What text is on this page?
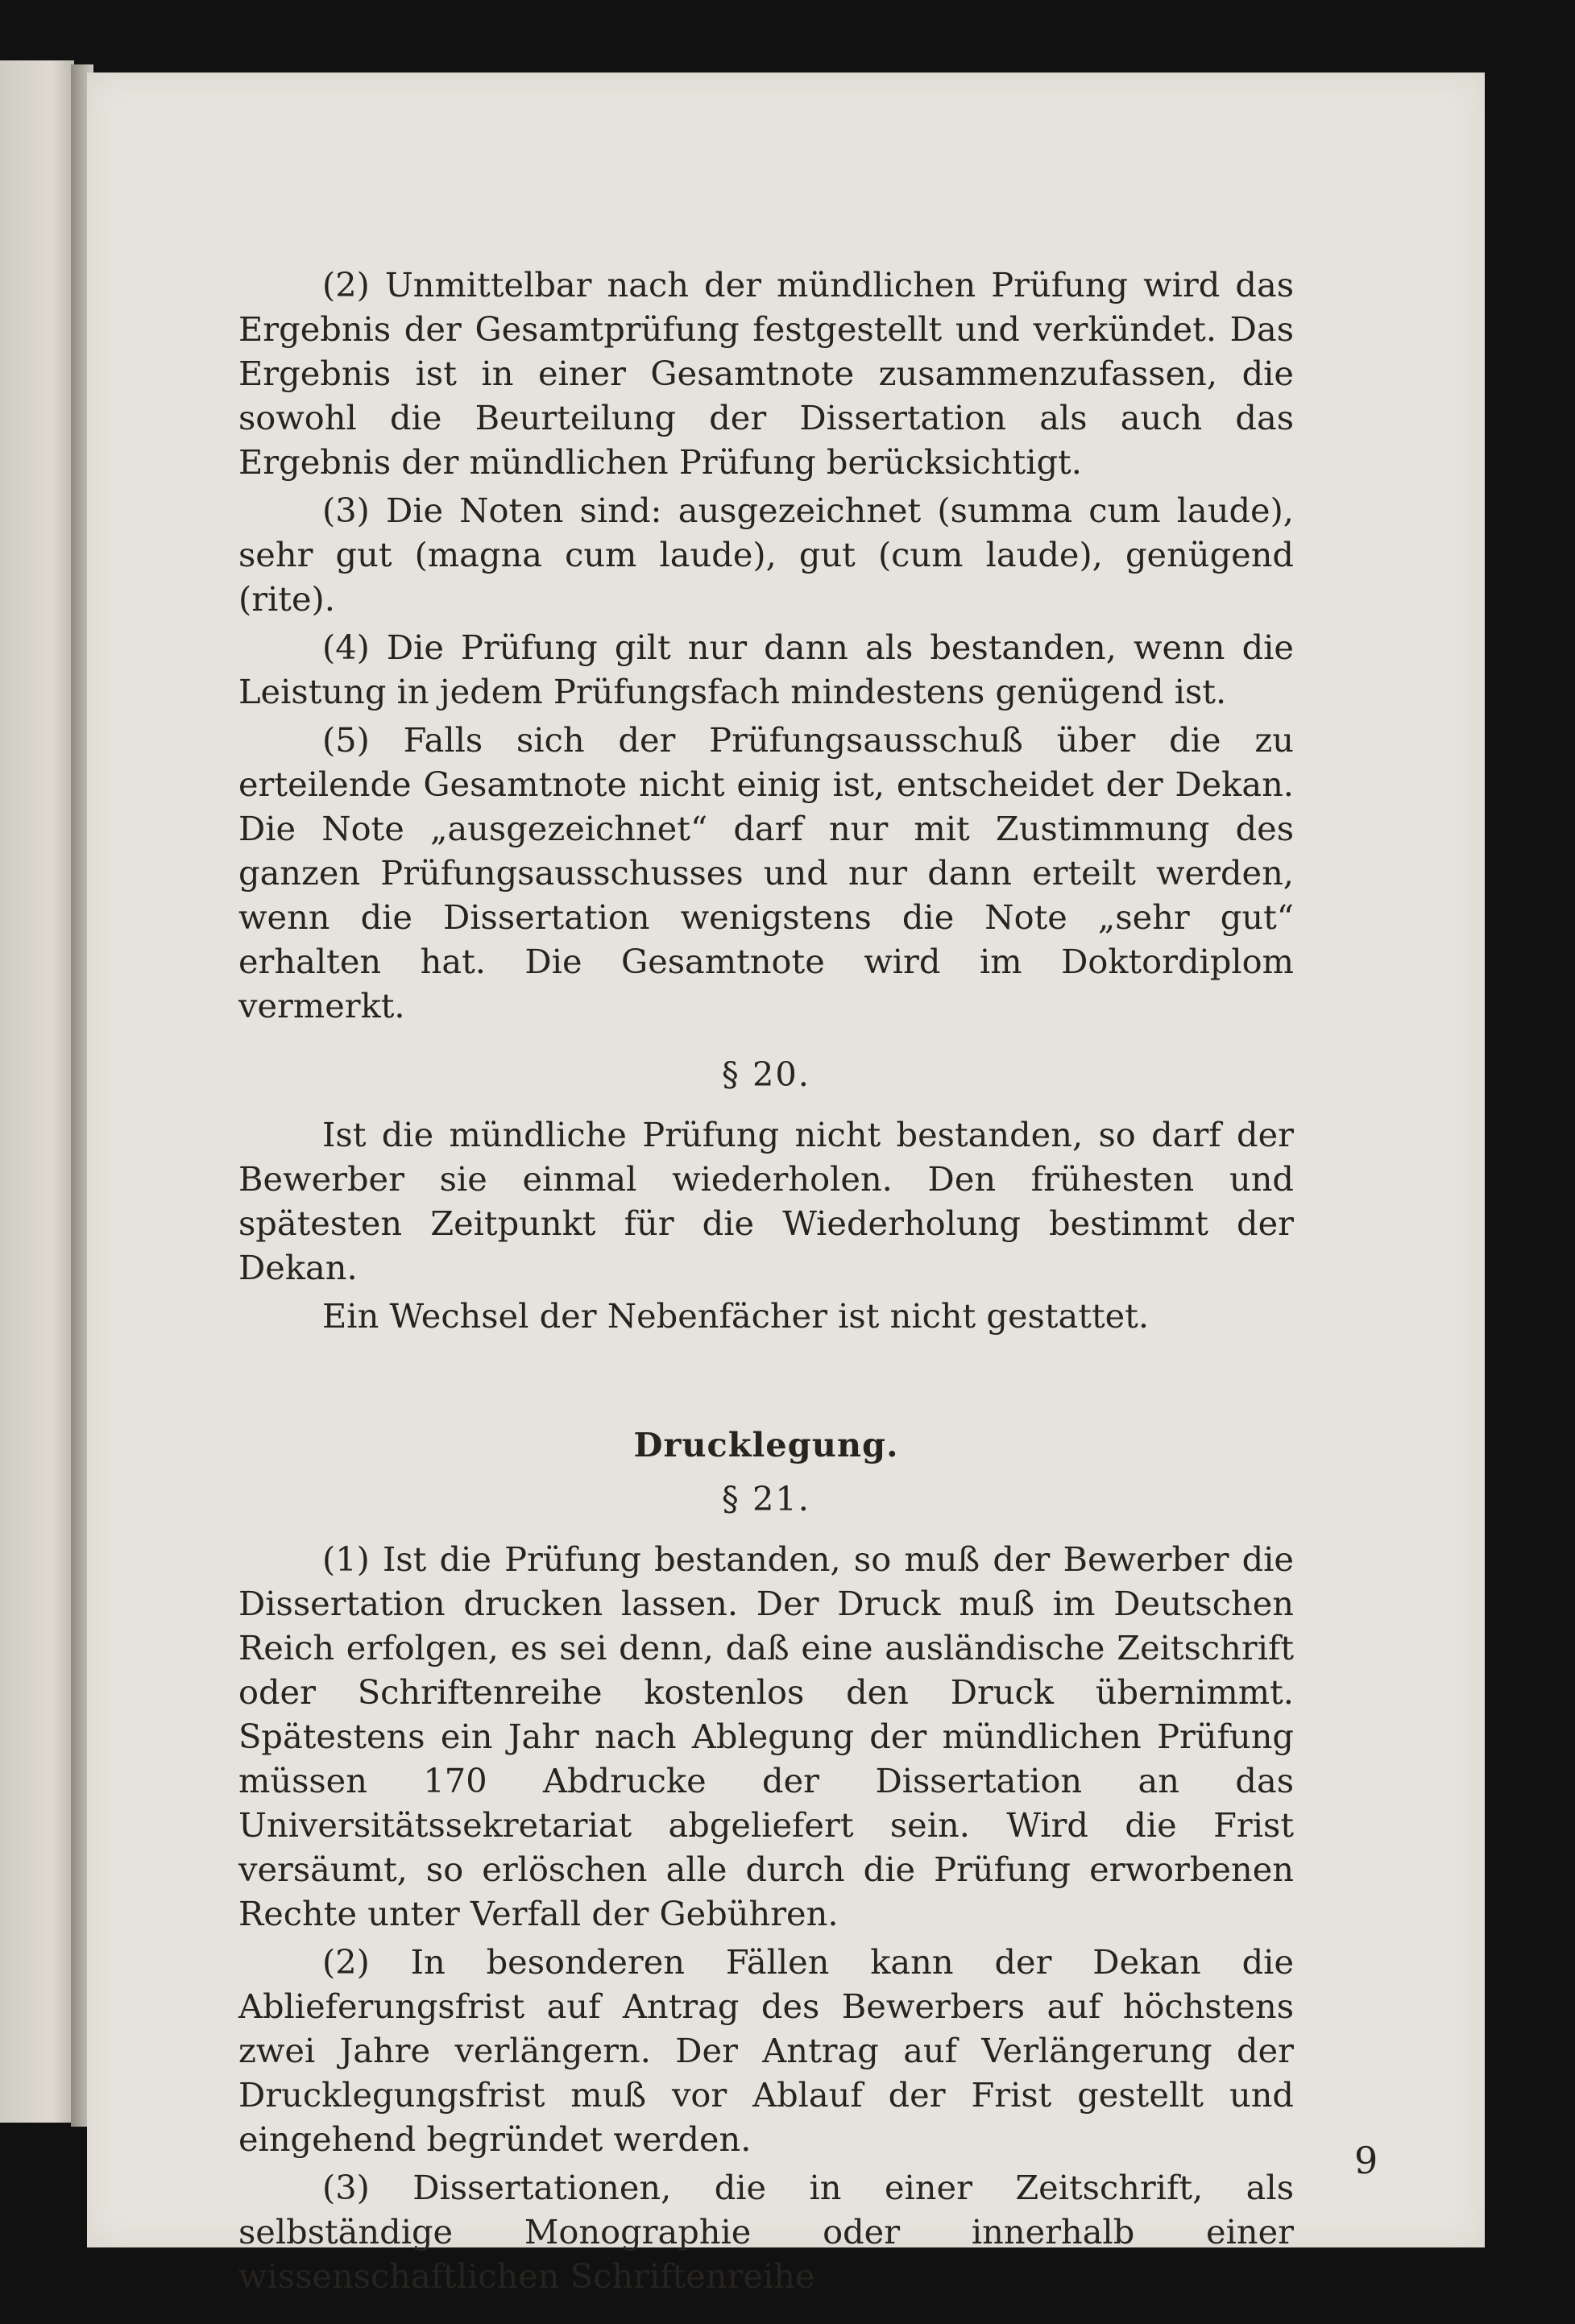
(2) Unmittelbar nach der mündlichen Prüfung wird das Ergebnis der Gesamtprüfung festgestellt und verkündet. Das Ergebnis ist in einer Gesamtnote zusammenzufassen, die sowohl die Beurteilung der Dissertation als auch das Ergebnis der mündlichen Prüfung berücksichtigt.

(3) Die Noten sind: ausgezeichnet (summa cum laude), sehr gut (magna cum laude), gut (cum laude), genügend (rite).

(4) Die Prüfung gilt nur dann als bestanden, wenn die Leistung in jedem Prüfungsfach mindestens genügend ist.

(5) Falls sich der Prüfungsausschuß über die zu erteilende Gesamtnote nicht einig ist, entscheidet der Dekan. Die Note „ausgezeichnet“ darf nur mit Zustimmung des ganzen Prüfungsausschusses und nur dann erteilt werden, wenn die Dissertation wenigstens die Note „sehr gut“ erhalten hat. Die Gesamtnote wird im Doktordiplom vermerkt.

§ 20.

Ist die mündliche Prüfung nicht bestanden, so darf der Bewerber sie einmal wiederholen. Den frühesten und spätesten Zeitpunkt für die Wiederholung bestimmt der Dekan.

Ein Wechsel der Nebenfächer ist nicht gestattet.

Drucklegung.
§ 21.

(1) Ist die Prüfung bestanden, so muß der Bewerber die Dissertation drucken lassen. Der Druck muß im Deutschen Reich erfolgen, es sei denn, daß eine ausländische Zeitschrift oder Schriftenreihe kostenlos den Druck übernimmt. Spätestens ein Jahr nach Ablegung der mündlichen Prüfung müssen 170 Abdrucke der Dissertation an das Universitätssekretariat abgeliefert sein. Wird die Frist versäumt, so erlöschen alle durch die Prüfung erworbenen Rechte unter Verfall der Gebühren.

(2) In besonderen Fällen kann der Dekan die Ablieferungsfrist auf Antrag des Bewerbers auf höchstens zwei Jahre verlängern. Der Antrag auf Verlängerung der Drucklegungsfrist muß vor Ablauf der Frist gestellt und eingehend begründet werden.

(3) Dissertationen, die in einer Zeitschrift, als selbständige Monographie oder innerhalb einer wissenschaftlichen Schriftenreihe

9
